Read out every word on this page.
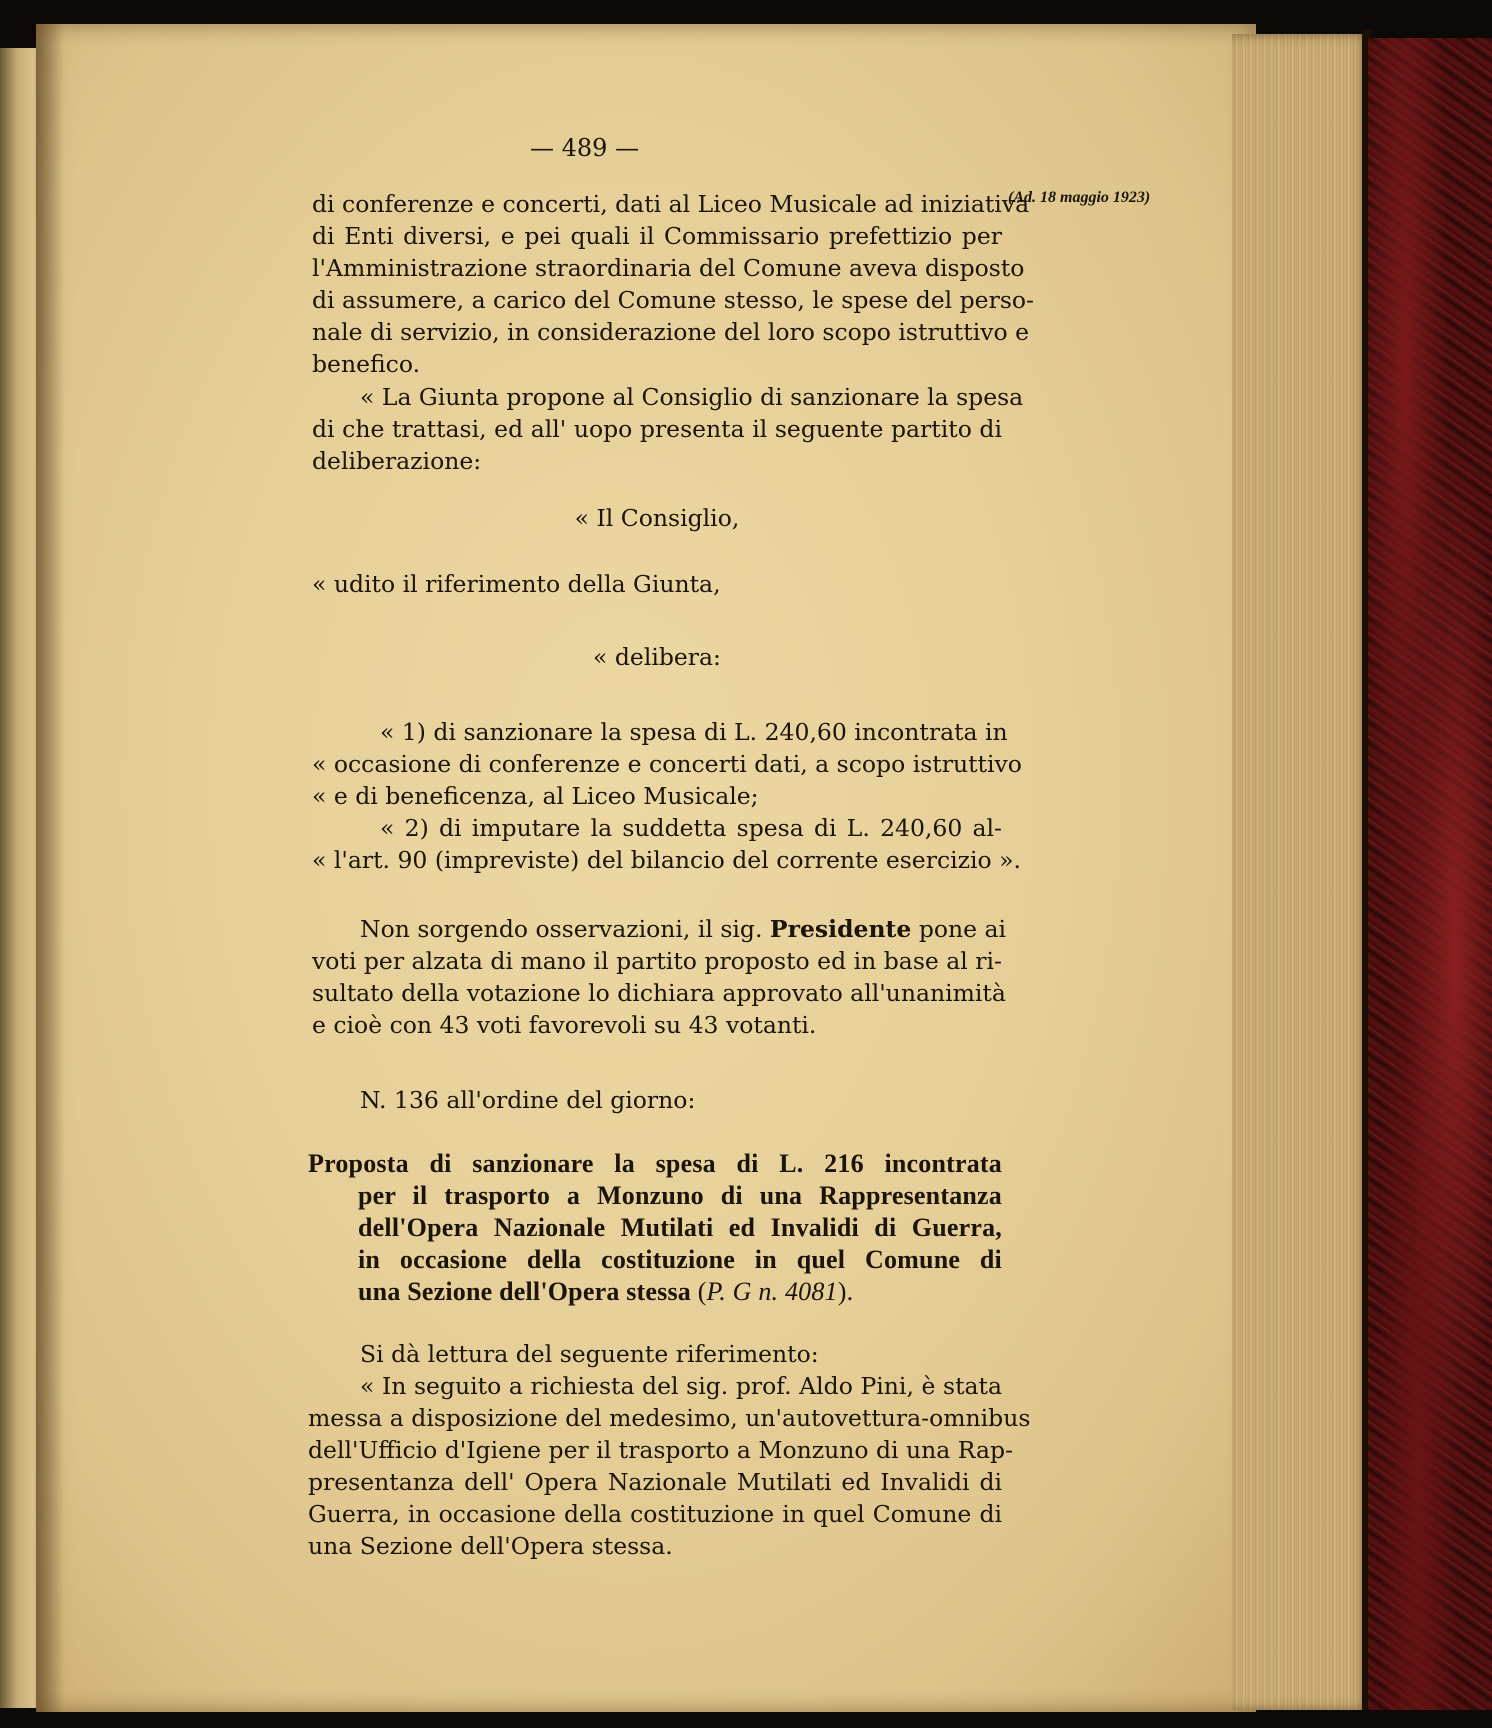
— 489 —
(Ad. 18 maggio 1923)
di conferenze e concerti, dati al Liceo Musicale ad iniziativa
di Enti diversi, e pei quali il Commissario prefettizio per
l'Amministrazione straordinaria del Comune aveva disposto
di assumere, a carico del Comune stesso, le spese del perso-
nale di servizio, in considerazione del loro scopo istruttivo e
benefico.
« La Giunta propone al Consiglio di sanzionare la spesa
di che trattasi, ed all' uopo presenta il seguente partito di
deliberazione:
« Il Consiglio,
« udito il riferimento della Giunta,
« delibera:
« 1) di sanzionare la spesa di L. 240,60 incontrata in
« occasione di conferenze e concerti dati, a scopo istruttivo
« e di beneficenza, al Liceo Musicale;
« 2) di imputare la suddetta spesa di L. 240,60 al-
« l'art. 90 (impreviste) del bilancio del corrente esercizio ».
Non sorgendo osservazioni, il sig. Presidente pone ai
voti per alzata di mano il partito proposto ed in base al ri-
sultato della votazione lo dichiara approvato all'unanimità
e cioè con 43 voti favorevoli su 43 votanti.
N. 136 all'ordine del giorno:
Proposta di sanzionare la spesa di L. 216 incontrata
per il trasporto a Monzuno di una Rappresentanza
dell'Opera Nazionale Mutilati ed Invalidi di Guerra,
in occasione della costituzione in quel Comune di
una Sezione dell'Opera stessa (P. G n. 4081).
Si dà lettura del seguente riferimento:
« In seguito a richiesta del sig. prof. Aldo Pini, è stata
messa a disposizione del medesimo, un'autovettura-omnibus
dell'Ufficio d'Igiene per il trasporto a Monzuno di una Rap-
presentanza dell' Opera Nazionale Mutilati ed Invalidi di
Guerra, in occasione della costituzione in quel Comune di
una Sezione dell'Opera stessa.
